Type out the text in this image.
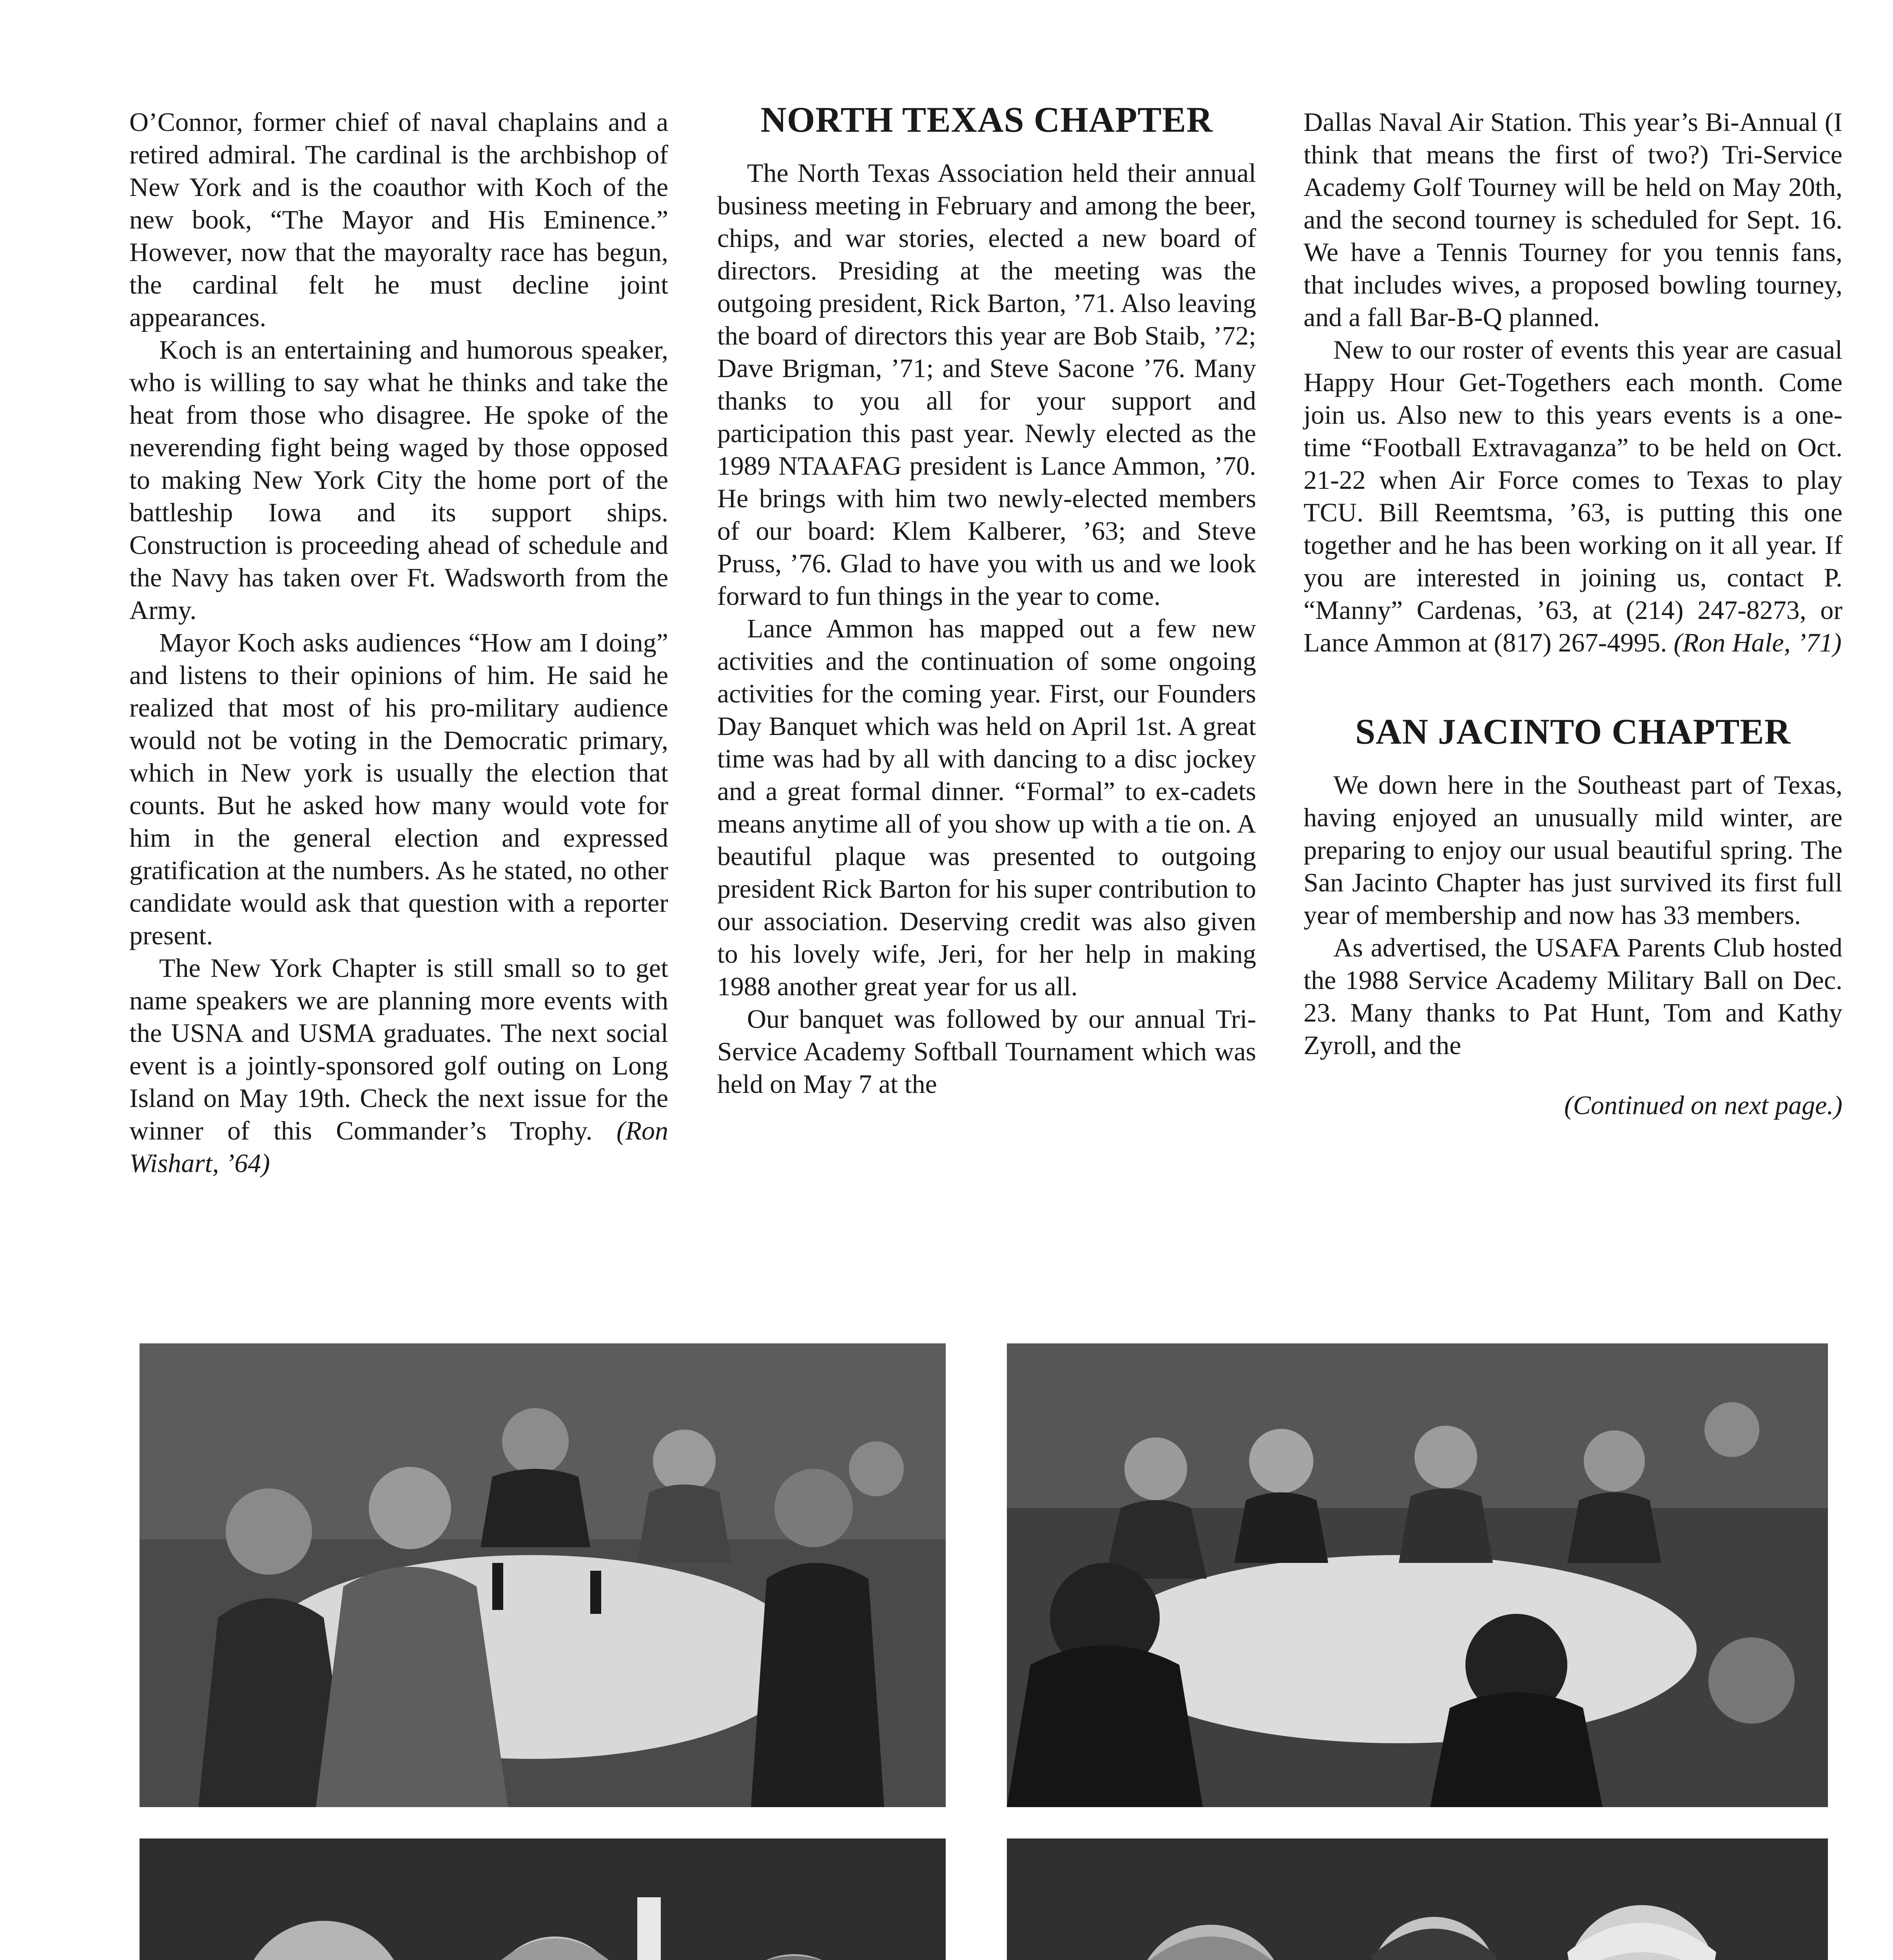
O’Connor, former chief of naval chaplains and a retired admiral. The cardinal is the archbishop of New York and is the coauthor with Koch of the new book, “The Mayor and His Eminence.” However, now that the mayoralty race has begun, the cardinal felt he must decline joint appearances.

Koch is an entertaining and humorous speaker, who is willing to say what he thinks and take the heat from those who disagree. He spoke of the neverending fight being waged by those opposed to making New York City the home port of the battleship Iowa and its support ships. Construction is proceeding ahead of schedule and the Navy has taken over Ft. Wadsworth from the Army.

Mayor Koch asks audiences “How am I doing” and listens to their opinions of him. He said he realized that most of his pro-military audience would not be voting in the Democratic primary, which in New york is usually the election that counts. But he asked how many would vote for him in the general election and expressed gratification at the numbers. As he stated, no other candidate would ask that question with a reporter present.

The New York Chapter is still small so to get name speakers we are planning more events with the USNA and USMA graduates. The next social event is a jointly-sponsored golf outing on Long Island on May 19th. Check the next issue for the winner of this Commander’s Trophy. (Ron Wishart, ’64)

NORTH TEXAS CHAPTER

The North Texas Association held their annual business meeting in February and among the beer, chips, and war stories, elected a new board of directors. Presiding at the meeting was the outgoing president, Rick Barton, ’71. Also leaving the board of directors this year are Bob Staib, ’72; Dave Brigman, ’71; and Steve Sacone ’76. Many thanks to you all for your support and participation this past year. Newly elected as the 1989 NTAAFAG president is Lance Ammon, ’70. He brings with him two newly-elected members of our board: Klem Kalberer, ’63; and Steve Pruss, ’76. Glad to have you with us and we look forward to fun things in the year to come.

Lance Ammon has mapped out a few new activities and the continuation of some ongoing activities for the coming year. First, our Founders Day Banquet which was held on April 1st. A great time was had by all with dancing to a disc jockey and a great formal dinner. “Formal” to ex-cadets means anytime all of you show up with a tie on. A beautiful plaque was presented to outgoing president Rick Barton for his super contribution to our association. Deserving credit was also given to his lovely wife, Jeri, for her help in making 1988 another great year for us all.

Our banquet was followed by our annual Tri-Service Academy Softball Tournament which was held on May 7 at the

Dallas Naval Air Station. This year’s Bi-Annual (I think that means the first of two?) Tri-Service Academy Golf Tourney will be held on May 20th, and the second tourney is scheduled for Sept. 16. We have a Tennis Tourney for you tennis fans, that includes wives, a proposed bowling tourney, and a fall Bar-B-Q planned.

New to our roster of events this year are casual Happy Hour Get-Togethers each month. Come join us. Also new to this years events is a one-time “Football Extravaganza” to be held on Oct. 21-22 when Air Force comes to Texas to play TCU. Bill Reemtsma, ’63, is putting this one together and he has been working on it all year. If you are interested in joining us, contact P. “Manny” Cardenas, ’63, at (214) 247-8273, or Lance Ammon at (817) 267-4995. (Ron Hale, ’71)

SAN JACINTO CHAPTER

We down here in the Southeast part of Texas, having enjoyed an unusually mild winter, are preparing to enjoy our usual beautiful spring. The San Jacinto Chapter has just survived its first full year of membership and now has 33 members.

As advertised, the USAFA Parents Club hosted the 1988 Service Academy Military Ball on Dec. 23. Many thanks to Pat Hunt, Tom and Kathy Zyroll, and the

(Continued on next page.)
